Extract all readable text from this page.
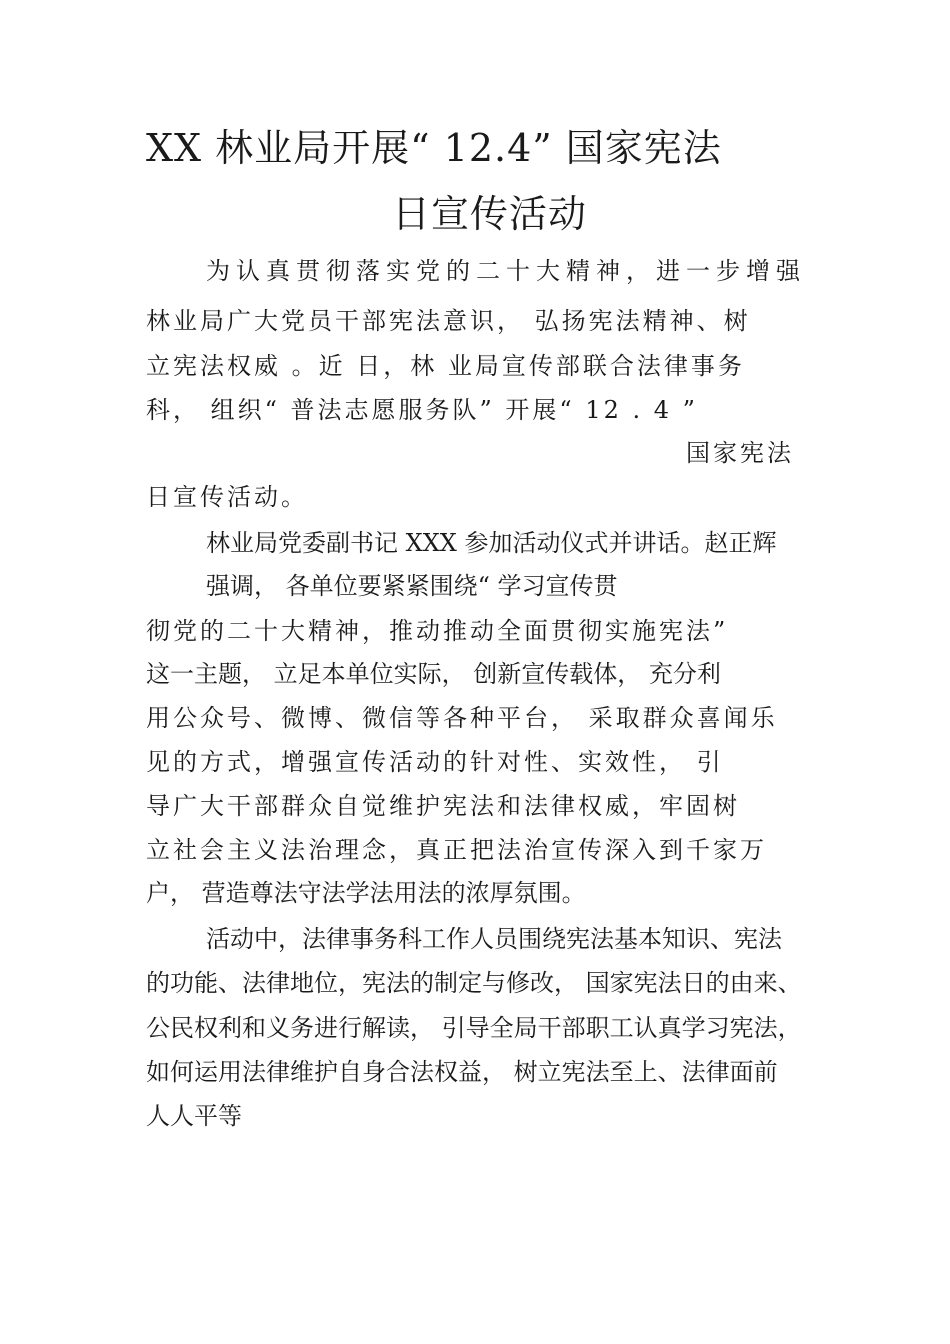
XX 林业局开展“ 12.4” 国家宪法
日宣传活动
为认真贯彻落实党的二十大精神，进一步增强
林业局广大党员干部宪法意识， 弘扬宪法精神、树
立宪法权威 。近 日，林 业局宣传部联合法律事务
科， 组织“ 普法志愿服务队” 开展“ 12 . 4 ”
国家宪法
日宣传活动。
林业局党委副书记 XXX 参加活动仪式并讲话。赵正辉
强调， 各单位要紧紧围绕“ 学习宣传贯
彻党的二十大精神，推动推动全面贯彻实施宪法”
这一主题， 立足本单位实际， 创新宣传载体， 充分利
用公众号、微博、微信等各种平台， 采取群众喜闻乐
见的方式，增强宣传活动的针对性、实效性， 引
导广大干部群众自觉维护宪法和法律权威，牢固树
立社会主义法治理念，真正把法治宣传深入到千家万
户， 营造尊法守法学法用法的浓厚氛围。
活动中，法律事务科工作人员围绕宪法基本知识、宪法
的功能、法律地位，宪法的制定与修改， 国家宪法日的由来、
公民权利和义务进行解读， 引导全局干部职工认真学习宪法，
如何运用法律维护自身合法权益， 树立宪法至上、法律面前
人人平等
